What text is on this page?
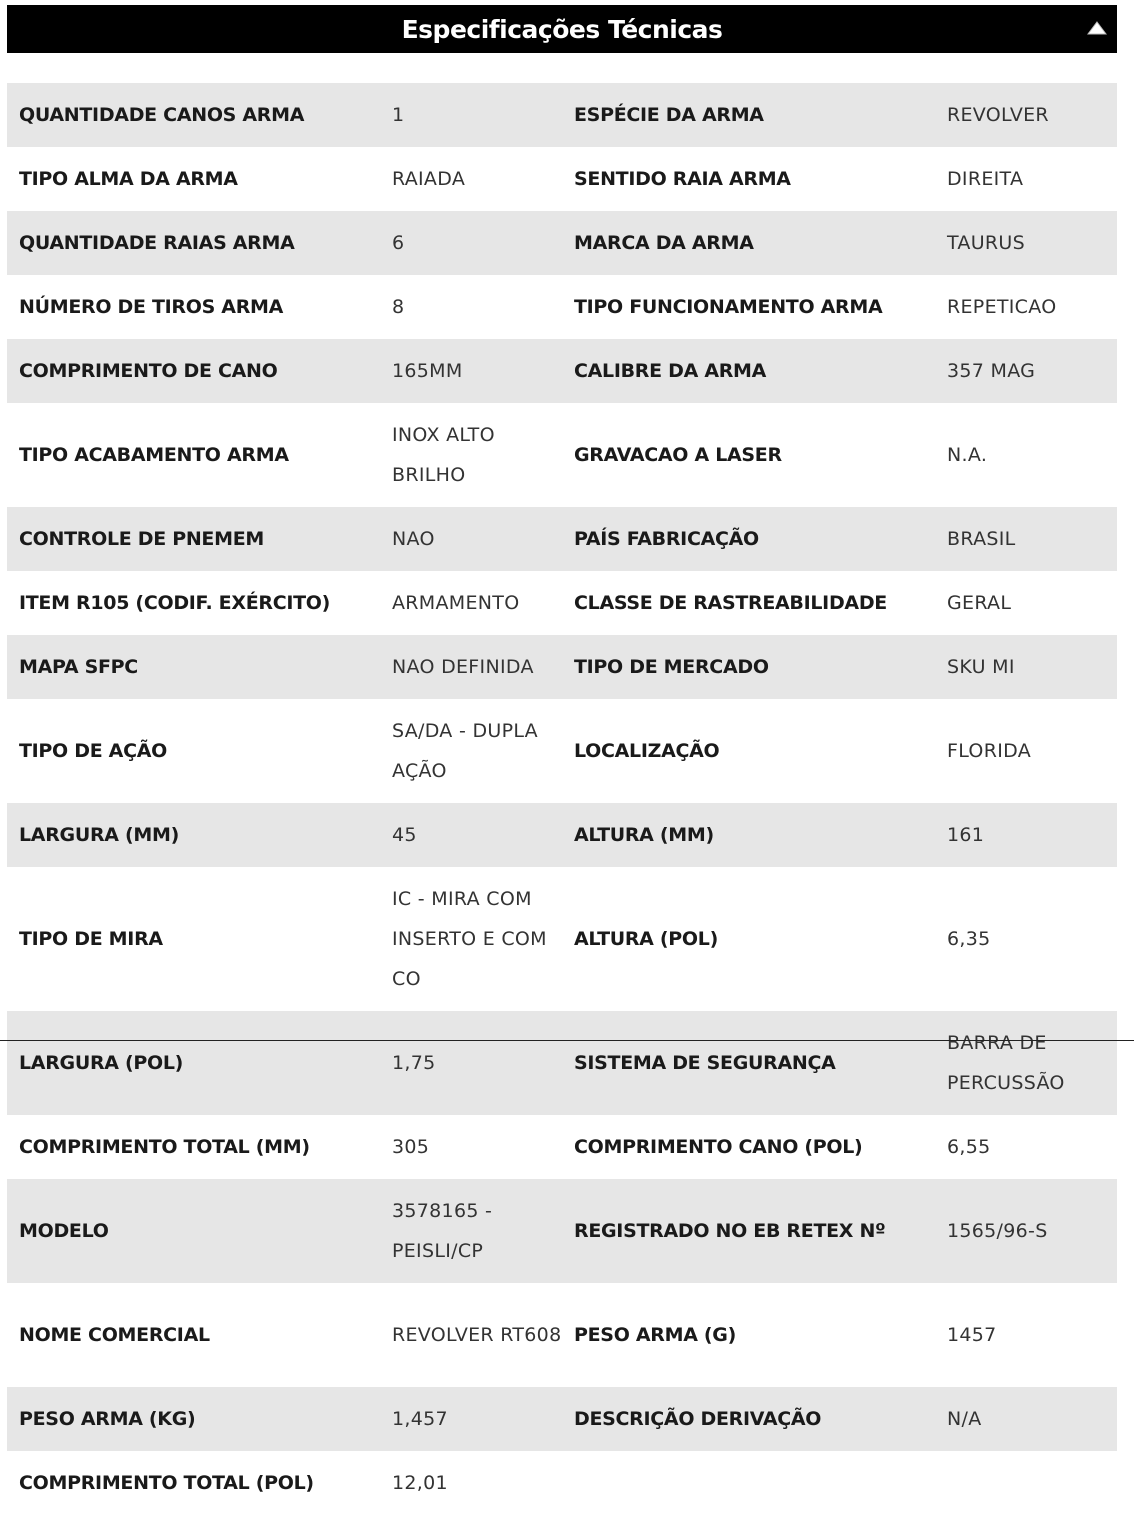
Especificações Técnicas
QUANTIDADE CANOS ARMA	1	ESPÉCIE DA ARMA	REVOLVER
TIPO ALMA DA ARMA	RAIADA	SENTIDO RAIA ARMA	DIREITA
QUANTIDADE RAIAS ARMA	6	MARCA DA ARMA	TAURUS
NÚMERO DE TIROS ARMA	8	TIPO FUNCIONAMENTO ARMA	REPETICAO
COMPRIMENTO DE CANO	165MM	CALIBRE DA ARMA	357 MAG
TIPO ACABAMENTO ARMA	INOX ALTO BRILHO	GRAVACAO A LASER	N.A.
CONTROLE DE PNEMEM	NAO	PAÍS FABRICAÇÃO	BRASIL
ITEM R105 (CODIF. EXÉRCITO)	ARMAMENTO	CLASSE DE RASTREABILIDADE	GERAL
MAPA SFPC	NAO DEFINIDA	TIPO DE MERCADO	SKU MI
TIPO DE AÇÃO	SA/DA - DUPLA AÇÃO	LOCALIZAÇÃO	FLORIDA
LARGURA (MM)	45	ALTURA (MM)	161
TIPO DE MIRA	IC - MIRA COM INSERTO E COM CO	ALTURA (POL)	6,35
LARGURA (POL)	1,75	SISTEMA DE SEGURANÇA	BARRA DE PERCUSSÃO

COMPRIMENTO TOTAL (MM)	305	COMPRIMENTO CANO (POL)	6,55
MODELO	3578165 - PEISLI/CP	REGISTRADO NO EB RETEX Nº	1565/96-S
NOME COMERCIAL	REVOLVER RT608	PESO ARMA (G)	1457
PESO ARMA (KG)	1,457	DESCRIÇÃO DERIVAÇÃO	N/A
COMPRIMENTO TOTAL (POL)	12,01		
